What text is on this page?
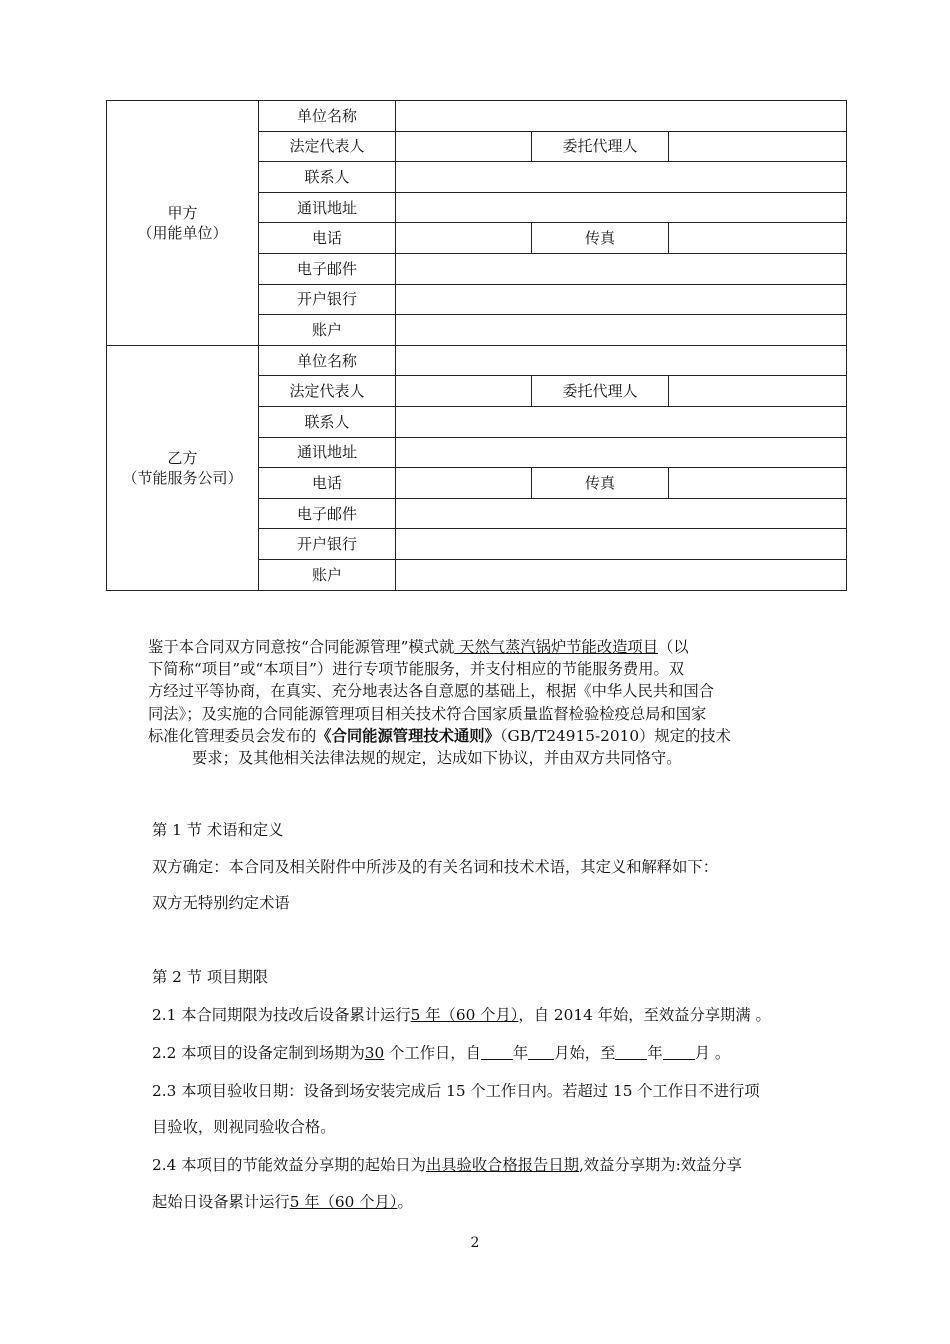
甲方
（用能单位）	单位名称			
	法定代表人		委托代理人	
	联系人			
	通讯地址			
	电话		传真	
	电子邮件			
	开户银行			
	账户			

乙方
（节能服务公司）	单位名称			
	法定代表人		委托代理人	
	联系人			
	通讯地址			
	电话		传真	
	电子邮件			
	开户银行			
	账户			
鉴于本合同双方同意按“合同能源管理”模式就 天然气蒸汽锅炉节能改造项目（以
下简称“项目”或“本项目”）进行专项节能服务，并支付相应的节能服务费用。双
方经过平等协商，在真实、充分地表达各自意愿的基础上，根据《中华人民共和国合
同法》；及实施的合同能源管理项目相关技术符合国家质量监督检验检疫总局和国家
标准化管理委员会发布的《合同能源管理技术通则》（GB/T24915-2010）规定的技术
要求；及其他相关法律法规的规定，达成如下协议，并由双方共同恪守。
第 1 节 术语和定义
双方确定：本合同及相关附件中所涉及的有关名词和技术术语，其定义和解释如下：
双方无特别约定术语
第 2 节 项目期限
2.1 本合同期限为技改后设备累计运行5 年（60 个月），自 2014 年始，至效益分享期满 。
2.2 本项目的设备定制到场期为30 个工作日，自 年 月始，至 年 月 。
2.3 本项目验收日期：设备到场安装完成后 15 个工作日内。若超过 15 个工作日不进行项
目验收，则视同验收合格。
2.4 本项目的节能效益分享期的起始日为出具验收合格报告日期,效益分享期为:效益分享
起始日设备累计运行5 年（60 个月）。
2
